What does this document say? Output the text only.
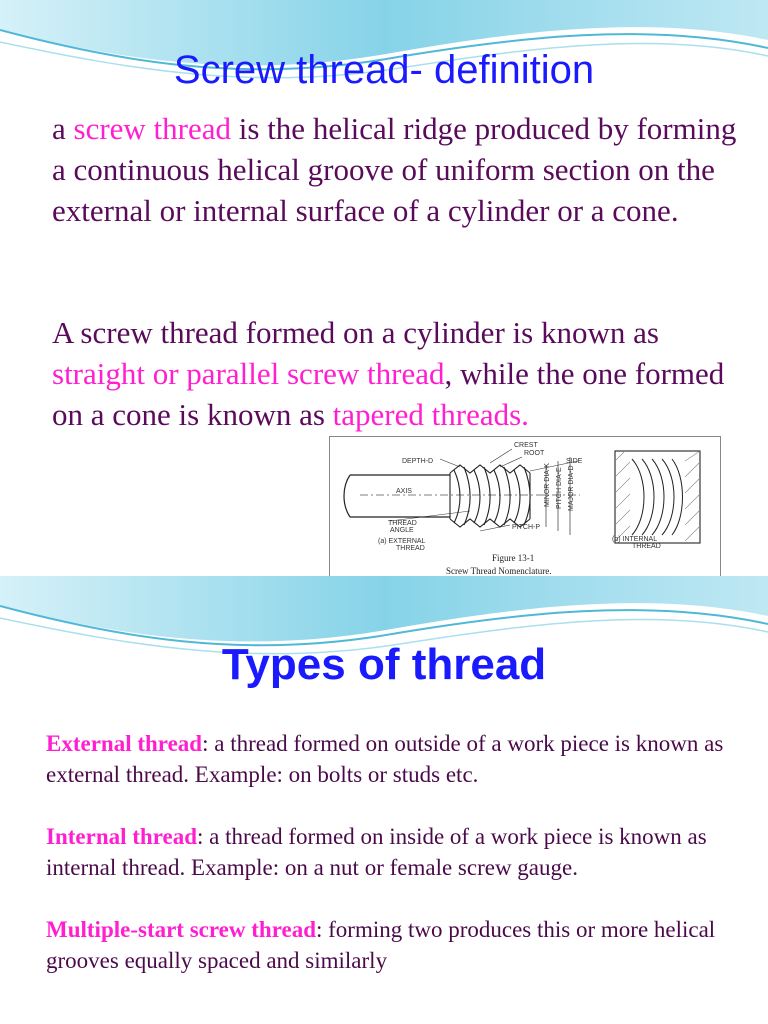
Screw thread- definition
a screw thread is the helical ridge produced by forming a continuous helical groove of uniform section on the external or internal surface of a cylinder or a cone.
A screw thread formed on a cylinder is known as straight or parallel screw thread, while the one formed on a cone is known as tapered threads.
MINOR DIA-K PITCH DIA-E MAJOR DIA-D
CREST
ROOT
SIDE
DEPTH-D
AXIS
THREAD
ANGLE	PITCH-P
(a) EXTERNAL
THREAD
(b) INTERNAL
THREAD
Figure 13-1
Screw Thread Nomenclature.
Types of thread

External thread: a thread formed on outside of a work piece is known as external thread. Example: on bolts or studs etc.

Internal thread: a thread formed on inside of a work piece is known as internal thread. Example: on a nut or female screw gauge.

Multiple-start screw thread: forming two produces this or more helical grooves equally spaced and similarly
